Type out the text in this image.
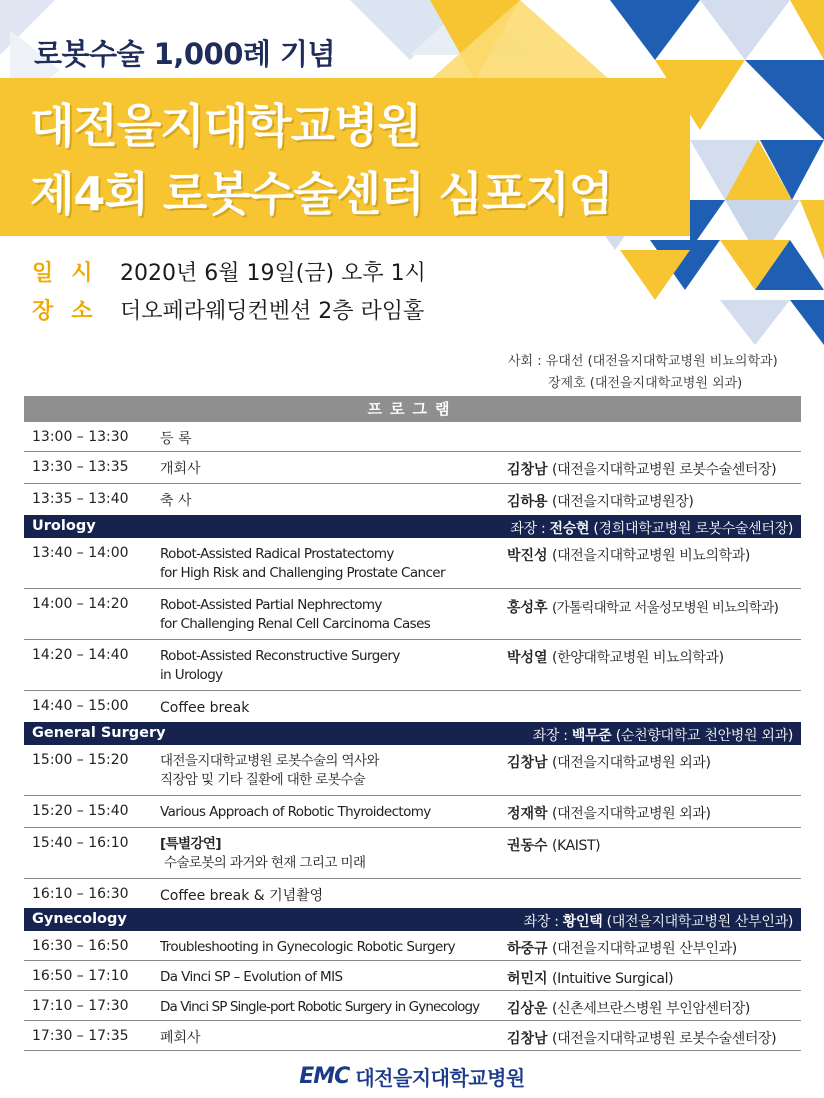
로봇수술 1,000례 기념
대전을지대학교병원
제4회 로봇수술센터 심포지엄
일시 2020년 6월 19일(금) 오후 1시
장소 더오페라웨딩컨벤션 2층 라임홀
사회 : 유대선 (대전을지대학교병원 비뇨의학과)
장제호 (대전을지대학교병원 외과)
프로그램
13:00 – 13:30 등 록
13:30 – 13:35 개회사	김창남 (대전을지대학교병원 로봇수술센터장)
13:35 – 13:40 축 사	김하용 (대전을지대학교병원장)
Urology	좌장 : 전승현 (경희대학교병원 로봇수술센터장)
13:40 – 14:00 Robot-Assisted Radical Prostatectomy
for High Risk and Challenging Prostate Cancer
박진성 (대전을지대학교병원 비뇨의학과)
14:00 – 14:20 Robot-Assisted Partial Nephrectomy
for Challenging Renal Cell Carcinoma Cases
홍성후 (가톨릭대학교 서울성모병원 비뇨의학과)
14:20 – 14:40 Robot-Assisted Reconstructive Surgery
in Urology
박성열 (한양대학교병원 비뇨의학과)
14:40 – 15:00 Coffee break
General Surgery	좌장 : 백무준 (순천향대학교 천안병원 외과)
15:00 – 15:20 대전을지대학교병원 로봇수술의 역사와
직장암 및 기타 질환에 대한 로봇수술
김창남 (대전을지대학교병원 외과)
15:20 – 15:40 Various Approach of Robotic Thyroidectomy	정재학 (대전을지대학교병원 외과)
15:40 – 16:10 [특별강연]
수술로봇의 과거와 현재 그리고 미래
권동수 (KAIST)
16:10 – 16:30 Coffee break & 기념촬영
Gynecology	좌장 : 황인택 (대전을지대학교병원 산부인과)
16:30 – 16:50 Troubleshooting in Gynecologic Robotic Surgery	하중규 (대전을지대학교병원 산부인과)
16:50 – 17:10 Da Vinci SP – Evolution of MIS	허민지 (Intuitive Surgical)
17:10 – 17:30 Da Vinci SP Single-port Robotic Surgery in Gynecology 김상운 (신촌세브란스병원 부인암센터장)
17:30 – 17:35 폐회사	김창남 (대전을지대학교병원 로봇수술센터장)
EMC 대전을지대학교병원
